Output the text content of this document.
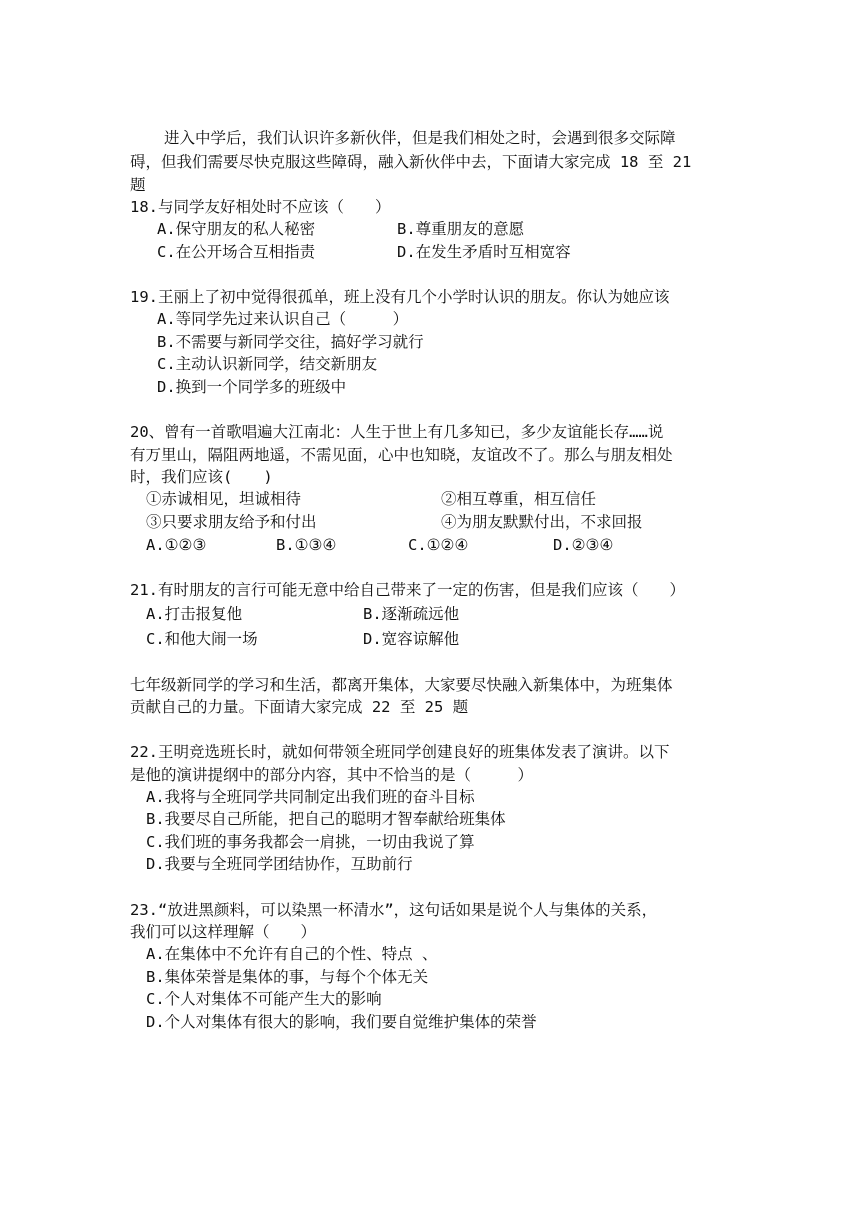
进入中学后，我们认识许多新伙伴，但是我们相处之时，会遇到很多交际障
碍，但我们需要尽快克服这些障碍，融入新伙伴中去，下面请大家完成 18 至 21
题
18.与同学友好相处时不应该（　　）
A.保守朋友的私人秘密	B.尊重朋友的意愿
C.在公开场合互相指责	D.在发生矛盾时互相宽容
19.王丽上了初中觉得很孤单，班上没有几个小学时认识的朋友。你认为她应该
A.等同学先过来认识自己（　　　）
B.不需要与新同学交往，搞好学习就行
C.主动认识新同学，结交新朋友
D.换到一个同学多的班级中
20、曾有一首歌唱遍大江南北：人生于世上有几多知已，多少友谊能长存……说
有万里山，隔阻两地遥，不需见面，心中也知晓，友谊改不了。那么与朋友相处
时，我们应该(　　)
①赤诚相见，坦诚相待	②相互尊重，相互信任
③只要求朋友给予和付出	④为朋友默默付出，不求回报
A.①②③	B.①③④	C.①②④	D.②③④
21.有时朋友的言行可能无意中给自己带来了一定的伤害，但是我们应该（　　）
A.打击报复他	B.逐渐疏远他
C.和他大闹一场	D.宽容谅解他
七年级新同学的学习和生活，都离开集体，大家要尽快融入新集体中，为班集体
贡献自己的力量。下面请大家完成 22 至 25 题
22.王明竞选班长时，就如何带领全班同学创建良好的班集体发表了演讲。以下
是他的演讲提纲中的部分内容，其中不恰当的是（　　　）
A.我将与全班同学共同制定出我们班的奋斗目标
B.我要尽自己所能，把自己的聪明才智奉献给班集体
C.我们班的事务我都会一肩挑，一切由我说了算
D.我要与全班同学团结协作，互助前行
23.“放进黑颜料，可以染黑一杯清水”，这句话如果是说个人与集体的关系，
我们可以这样理解（　　）
A.在集体中不允许有自己的个性、特点 、
B.集体荣誉是集体的事，与每个个体无关
C.个人对集体不可能产生大的影响
D.个人对集体有很大的影响，我们要自觉维护集体的荣誉
